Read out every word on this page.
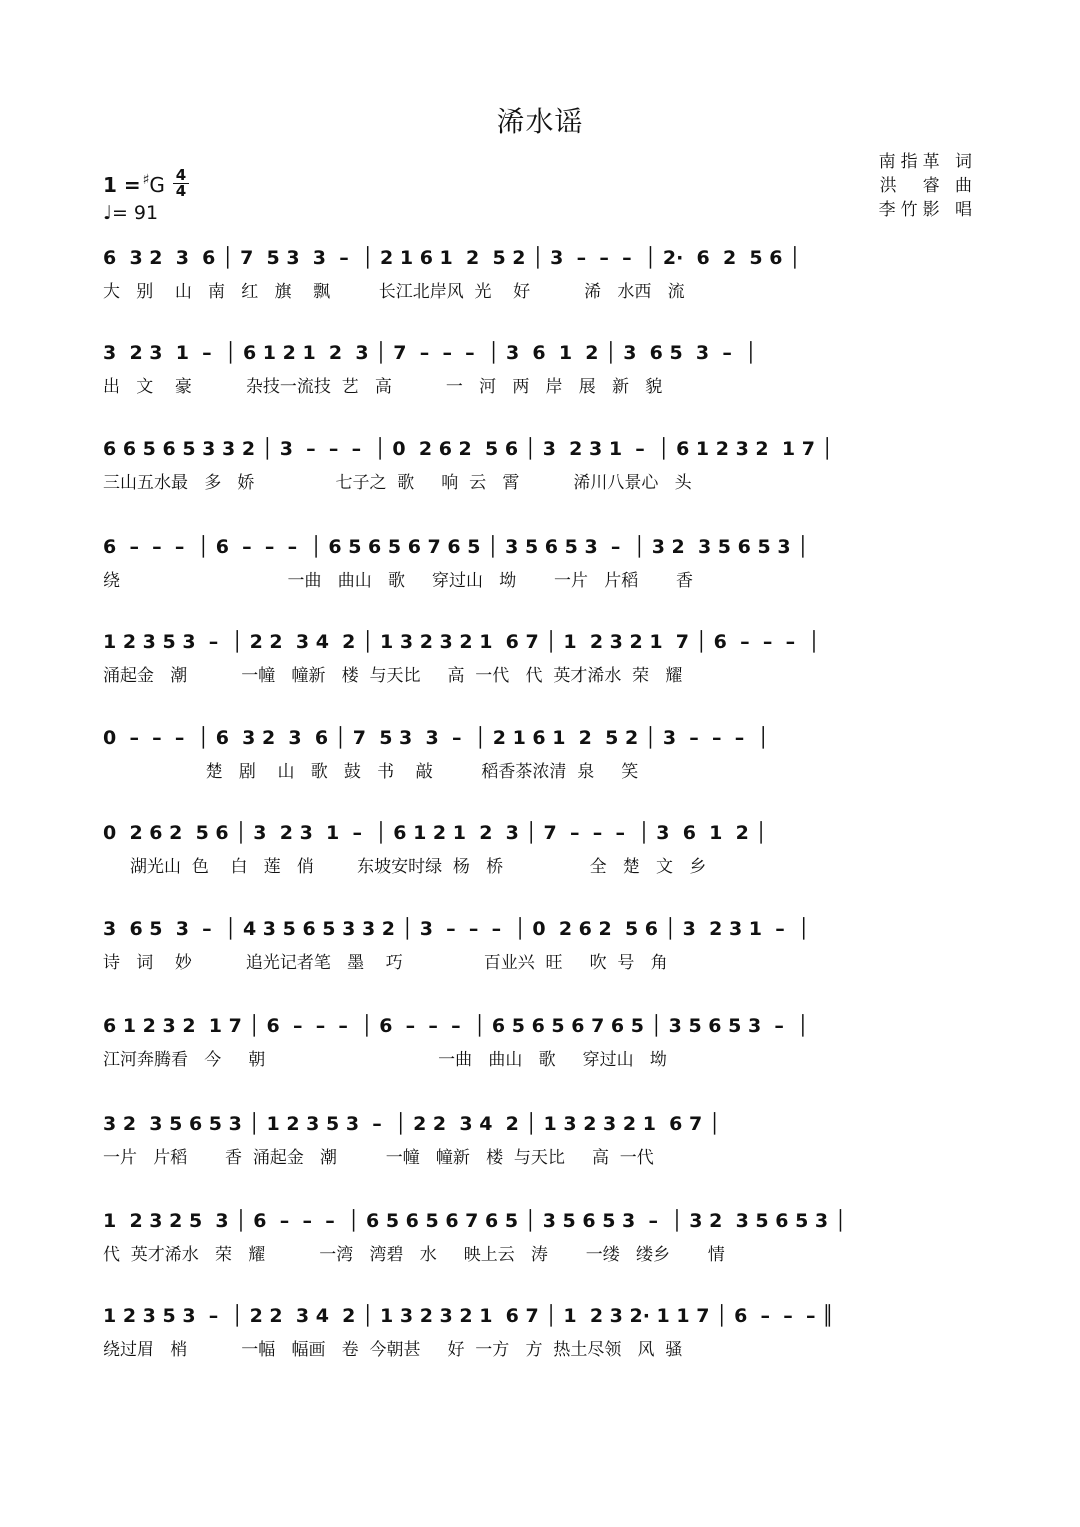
浠水谣
1 = ♯G 4
4
♩= 91
南指革 词
洪  睿 曲
李竹影 唱
6  3 2  3  6 │ 7  5 3  3  –  │ 2 1 6 1  2  5 2 │ 3  –  –  –  │ 2·  6  2  5 6 │
大   别    山   南   红   旗    飘         长江北岸风  光    好          浠   水西   流
3  2 3  1  –  │ 6 1 2 1  2  3 │ 7  –  –  –  │ 3  6  1  2 │ 3  6 5  3  –  │
出   文    豪          杂技一流技  艺   高          一   河   两   岸   展   新   貌
6 6 5 6 5 3 3 2 │ 3  –  –  –  │ 0  2 6 2  5 6 │ 3  2 3 1  –  │ 6 1 2 3 2  1 7 │
三山五水最   多   娇               七子之  歌     响  云   霄          浠川八景心   头
6  –  –  –  │ 6  –  –  –  │ 6 5 6 5 6 7 6 5 │ 3 5 6 5 3  –  │ 3 2  3 5 6 5 3 │
绕                               一曲   曲山   歌     穿过山   坳       一片   片稻       香
1 2 3 5 3  –  │ 2 2  3 4  2 │ 1 3 2 3 2 1  6 7 │ 1  2 3 2 1  7 │ 6  –  –  –  │
涌起金   潮          一幢   幢新   楼  与天比     高  一代   代  英才浠水  荣   耀
0  –  –  –  │ 6  3 2  3  6 │ 7  5 3  3  –  │ 2 1 6 1  2  5 2 │ 3  –  –  –  │
楚   剧    山   歌   鼓   书    敲         稻香茶浓清  泉     笑
0  2 6 2  5 6 │ 3  2 3  1  –  │ 6 1 2 1  2  3 │ 7  –  –  –  │ 3  6  1  2 │
湖光山  色    白   莲   俏        东坡安时绿  杨   桥                全   楚   文   乡
3  6 5  3  –  │ 4 3 5 6 5 3 3 2 │ 3  –  –  –  │ 0  2 6 2  5 6 │ 3  2 3 1  –  │
诗   词    妙          追光记者笔   墨    巧               百业兴  旺     吹  号   角
6 1 2 3 2  1 7 │ 6  –  –  –  │ 6  –  –  –  │ 6 5 6 5 6 7 6 5 │ 3 5 6 5 3  –  │
江河奔腾看   今     朝                                一曲   曲山   歌     穿过山   坳
3 2  3 5 6 5 3 │ 1 2 3 5 3  –  │ 2 2  3 4  2 │ 1 3 2 3 2 1  6 7 │
一片   片稻       香  涌起金   潮         一幢   幢新   楼  与天比     高  一代
1  2 3 2 5  3 │ 6  –  –  –  │ 6 5 6 5 6 7 6 5 │ 3 5 6 5 3  –  │ 3 2  3 5 6 5 3 │
代  英才浠水   荣   耀          一湾   湾碧   水     映上云   涛       一缕   缕乡       情
1 2 3 5 3  –  │ 2 2  3 4  2 │ 1 3 2 3 2 1  6 7 │ 1  2 3 2· 1 1 7 │ 6  –  –  – ║
绕过眉   梢          一幅   幅画   卷  今朝甚     好  一方   方  热土尽领   风  骚
